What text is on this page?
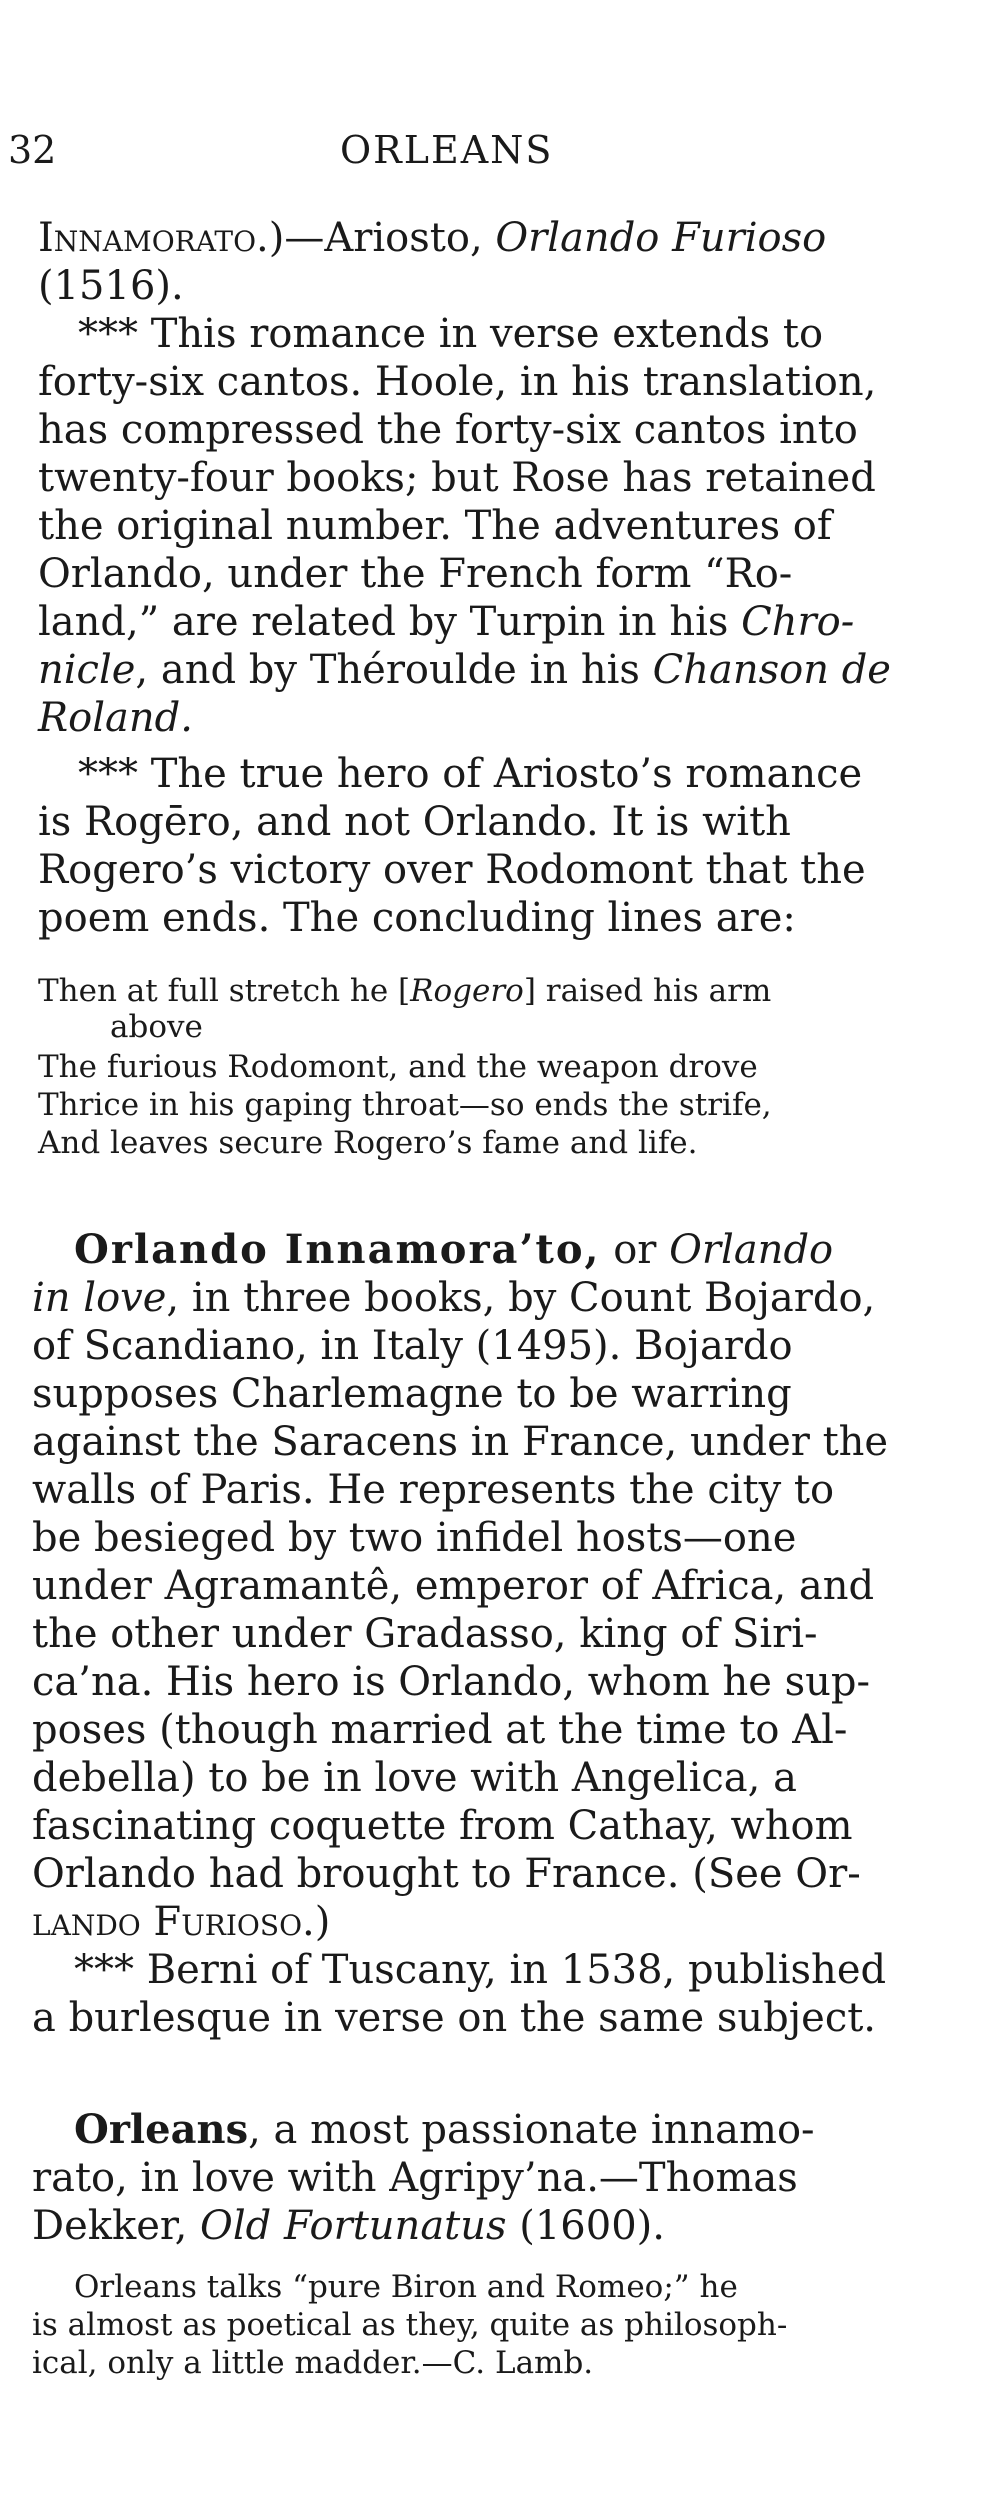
32	ORLEANS
Innamorato.)—Ariosto, Orlando Furioso
(1516).
*** This romance in verse extends to
forty-six cantos. Hoole, in his translation,
has compressed the forty-six cantos into
twenty-four books; but Rose has retained
the original number. The adventures of
Orlando, under the French form “Ro-
land,” are related by Turpin in his Chro-
nicle, and by Théroulde in his Chanson de
Roland.
*** The true hero of Ariosto’s romance
is Rogēro, and not Orlando. It is with
Rogero’s victory over Rodomont that the
poem ends. The concluding lines are:
Then at full stretch he [Rogero] raised his arm
above
The furious Rodomont, and the weapon drove
Thrice in his gaping throat—so ends the strife,
And leaves secure Rogero’s fame and life.
Orlando Innamora’to, or Orlando
in love, in three books, by Count Bojardo,
of Scandiano, in Italy (1495). Bojardo
supposes Charlemagne to be warring
against the Saracens in France, under the
walls of Paris. He represents the city to
be besieged by two infidel hosts—one
under Agramantê, emperor of Africa, and
the other under Gradasso, king of Siri-
ca’na. His hero is Orlando, whom he sup-
poses (though married at the time to Al-
debella) to be in love with Angelica, a
fascinating coquette from Cathay, whom
Orlando had brought to France. (See Or-
lando Furioso.)
*** Berni of Tuscany, in 1538, published
a burlesque in verse on the same subject.
Orleans, a most passionate innamo-
rato, in love with Agripy’na.—Thomas
Dekker, Old Fortunatus (1600).
Orleans talks “pure Biron and Romeo;” he
is almost as poetical as they, quite as philosoph-
ical, only a little madder.—C. Lamb.
